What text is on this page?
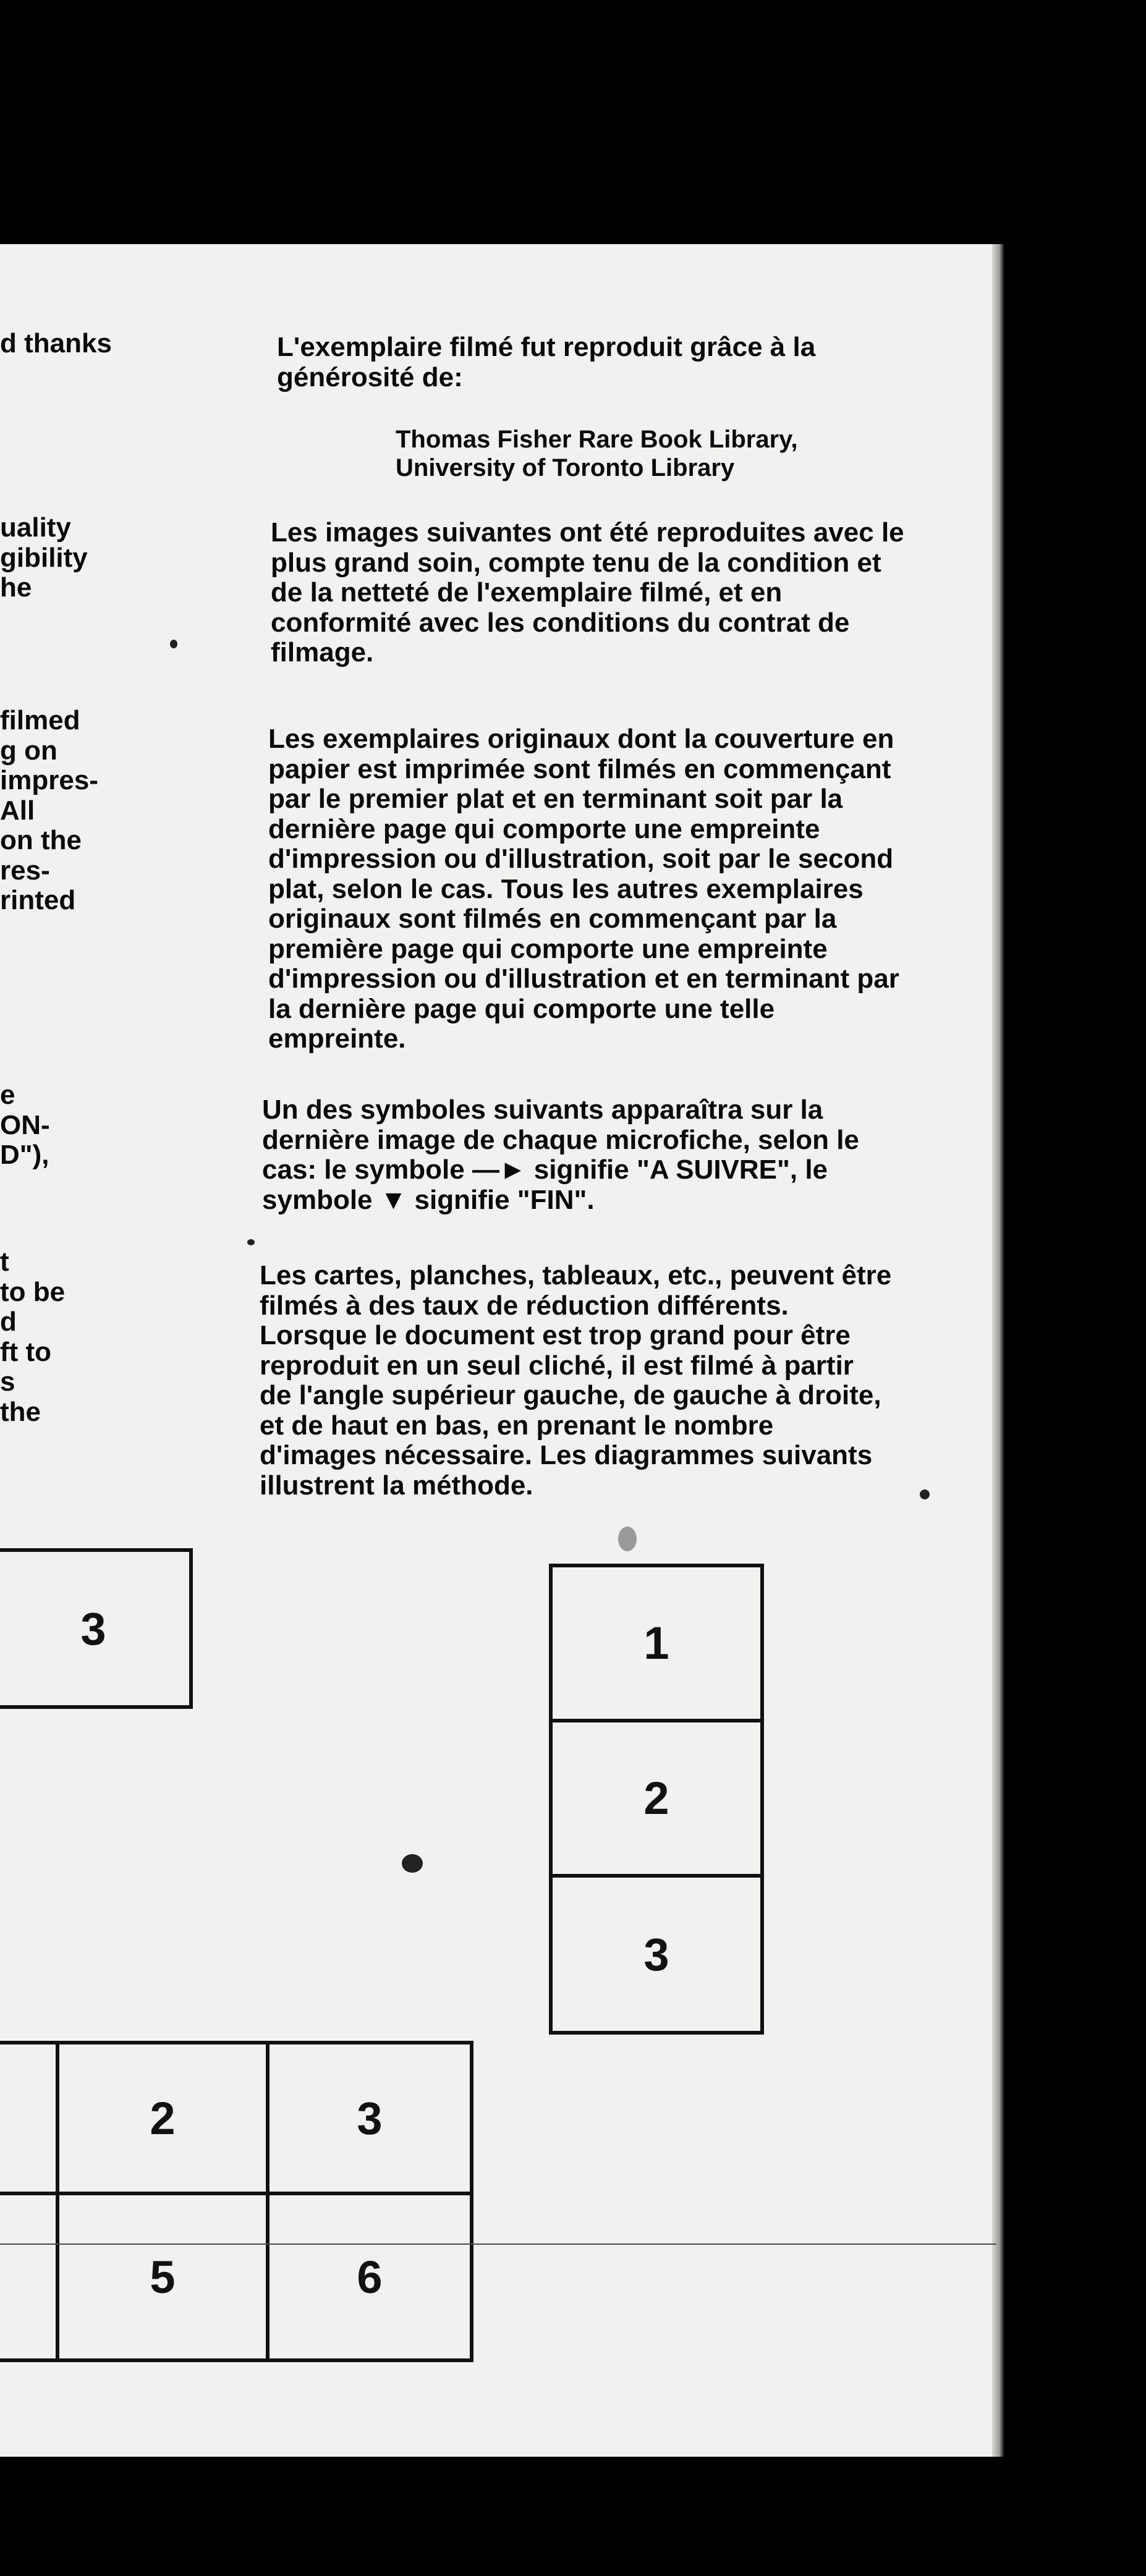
d thanks
uality
gibility
he
filmed
g on
impres-
All
on the
res-
rinted
e
ON-
D"),
t
to be
d
ft to
s
the
L'exemplaire filmé fut reproduit grâce à la
générosité de:
Thomas Fisher Rare Book Library,
University of Toronto Library
Les images suivantes ont été reproduites avec le
plus grand soin, compte tenu de la condition et
de la netteté de l'exemplaire filmé, et en
conformité avec les conditions du contrat de
filmage.
Les exemplaires originaux dont la couverture en
papier est imprimée sont filmés en commençant
par le premier plat et en terminant soit par la
dernière page qui comporte une empreinte
d'impression ou d'illustration, soit par le second
plat, selon le cas. Tous les autres exemplaires
originaux sont filmés en commençant par la
première page qui comporte une empreinte
d'impression ou d'illustration et en terminant par
la dernière page qui comporte une telle
empreinte.
Un des symboles suivants apparaîtra sur la
dernière image de chaque microfiche, selon le
cas: le symbole —► signifie "A SUIVRE", le
symbole ▼ signifie "FIN".
Les cartes, planches, tableaux, etc., peuvent être
filmés à des taux de réduction différents.
Lorsque le document est trop grand pour être
reproduit en un seul cliché, il est filmé à partir
de l'angle supérieur gauche, de gauche à droite,
et de haut en bas, en prenant le nombre
d'images nécessaire. Les diagrammes suivants
illustrent la méthode.
3	1
2
3
2	3
5	6
